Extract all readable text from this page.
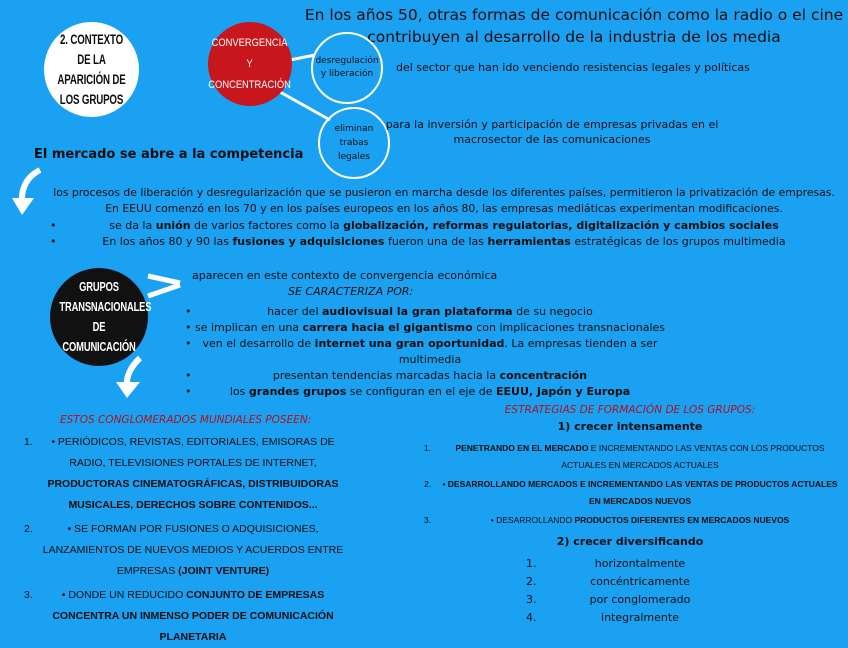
2. CONTEXTO DE LA APARICIÓN DE LOS GRUPOS
En los años 50, otras formas de comunicación como la radio o el cine
contribuyen al desarrollo de la industria de los media
CONVERGENCIA Y CONCENTRACIÓN
desregulación y liberación	del sector que han ido venciendo resistencias legales y políticas
eliminan trabas legales
para la inversión y participación de empresas privadas en el
macrosector de las comunicaciones
El mercado se abre a la competencia
los procesos de liberación y desregularización que se pusieron en marcha desde los diferentes países, permitieron la privatización de empresas.
En EEUU comenzó en los 70 y en los países europeos en los años 80, las empresas mediáticas experimentan modificaciones.
•	se da la unión de varios factores como la globalización, reformas regulatorias, digitalización y cambios sociales
•	En los años 80 y 90 las fusiones y adquisiciones fueron una de las herramientas estratégicas de los grupos multimedia
GRUPOS TRANSNACIONALES DE COMUNICACIÓN
aparecen en este contexto de convergencia económica
SE CARACTERIZA POR:
•	hacer del audiovisual la gran plataforma de su negocio
• se implican en una carrera hacia el gigantismo con implicaciones transnacionales
• ven el desarrollo de internet una gran oportunidad. La empresas tienden a ser multimedia
•	presentan tendencias marcadas hacia la concentración
•	los grandes grupos se configuran en el eje de EEUU, Japón y Europa
ESTOS CONGLOMERADOS MUNDIALES POSEEN:
1. • PERIÓDICOS, REVISTAS, EDITORIALES, EMISORAS DE RADIO, TELEVISIONES PORTALES DE INTERNET, PRODUCTORAS CINEMATOGRÁFICAS, DISTRIBUIDORAS MUSICALES, DERECHOS SOBRE CONTENIDOS...
2.	• SE FORMAN POR FUSIONES O ADQUISICIONES, LANZAMIENTOS DE NUEVOS MEDIOS Y ACUERDOS ENTRE EMPRESAS (JOINT VENTURE)
3.	• DONDE UN REDUCIDO CONJUNTO DE EMPRESAS CONCENTRA UN INMENSO PODER DE COMUNICACIÓN PLANETARIA
ESTRATEGIAS DE FORMACIÓN DE LOS GRUPOS:
1) crecer intensamente
1.	PENETRANDO EN EL MERCADO E INCREMENTANDO LAS VENTAS CON LOS PRODUCTOS ACTUALES EN MERCADOS ACTUALES
2. • DESARROLLANDO MERCADOS E INCREMENTANDO LAS VENTAS DE PRODUCTOS ACTUALES EN MERCADOS NUEVOS
3.	• DESARROLLANDO PRODUCTOS DIFERENTES EN MERCADOS NUEVOS
2) crecer diversificando
1.	horizontalmente
2.	concéntricamente
3.	por conglomerado
4.	integralmente
